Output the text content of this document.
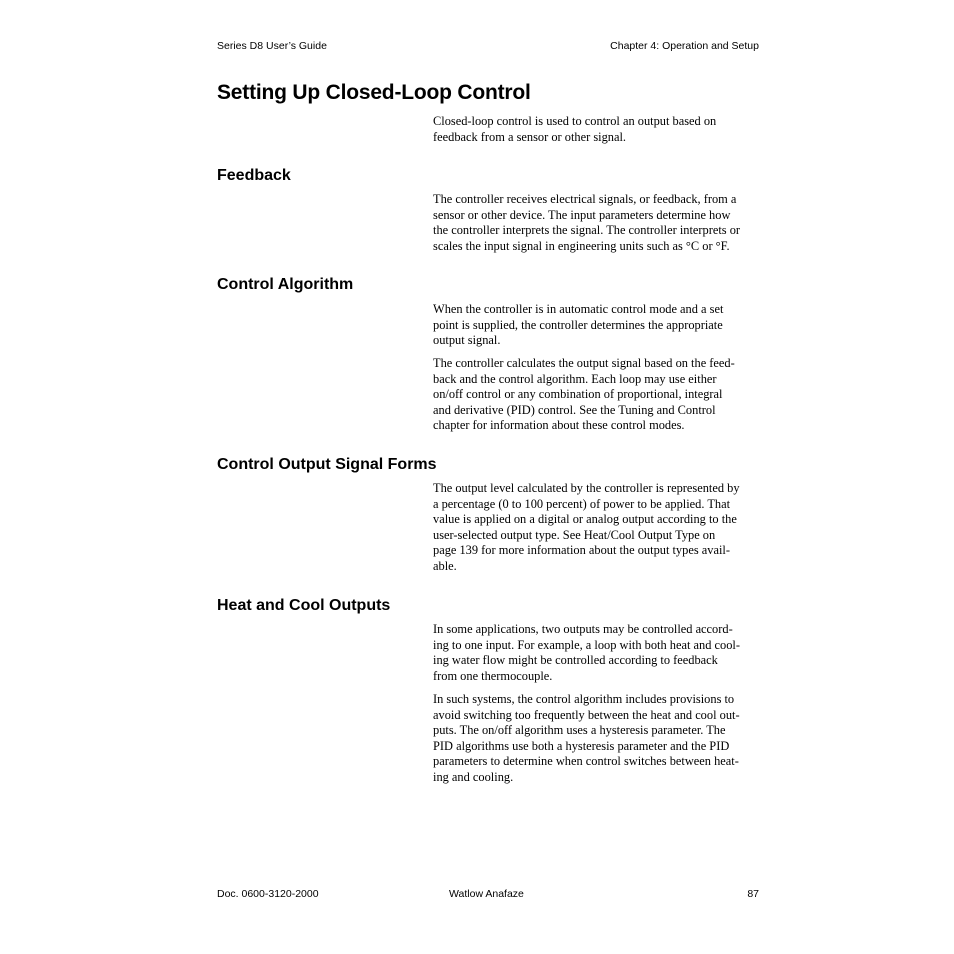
Series D8 User’s Guide	Chapter 4: Operation and Setup
Setting Up Closed-Loop Control

Closed-loop control is used to control an output based on
feedback from a sensor or other signal.

Feedback

The controller receives electrical signals, or feedback, from a
sensor or other device. The input parameters determine how
the controller interprets the signal. The controller interprets or
scales the input signal in engineering units such as °C or °F.

Control Algorithm

When the controller is in automatic control mode and a set
point is supplied, the controller determines the appropriate
output signal.

The controller calculates the output signal based on the feed-
back and the control algorithm. Each loop may use either
on/off control or any combination of proportional, integral
and derivative (PID) control. See the Tuning and Control
chapter for information about these control modes.

Control Output Signal Forms

The output level calculated by the controller is represented by
a percentage (0 to 100 percent) of power to be applied. That
value is applied on a digital or analog output according to the
user-selected output type. See Heat/Cool Output Type on
page 139 for more information about the output types avail-
able.

Heat and Cool Outputs

In some applications, two outputs may be controlled accord-
ing to one input. For example, a loop with both heat and cool-
ing water flow might be controlled according to feedback
from one thermocouple.

In such systems, the control algorithm includes provisions to
avoid switching too frequently between the heat and cool out-
puts. The on/off algorithm uses a hysteresis parameter. The
PID algorithms use both a hysteresis parameter and the PID
parameters to determine when control switches between heat-
ing and cooling.

Doc. 0600-3120-2000	Watlow Anafaze	87
